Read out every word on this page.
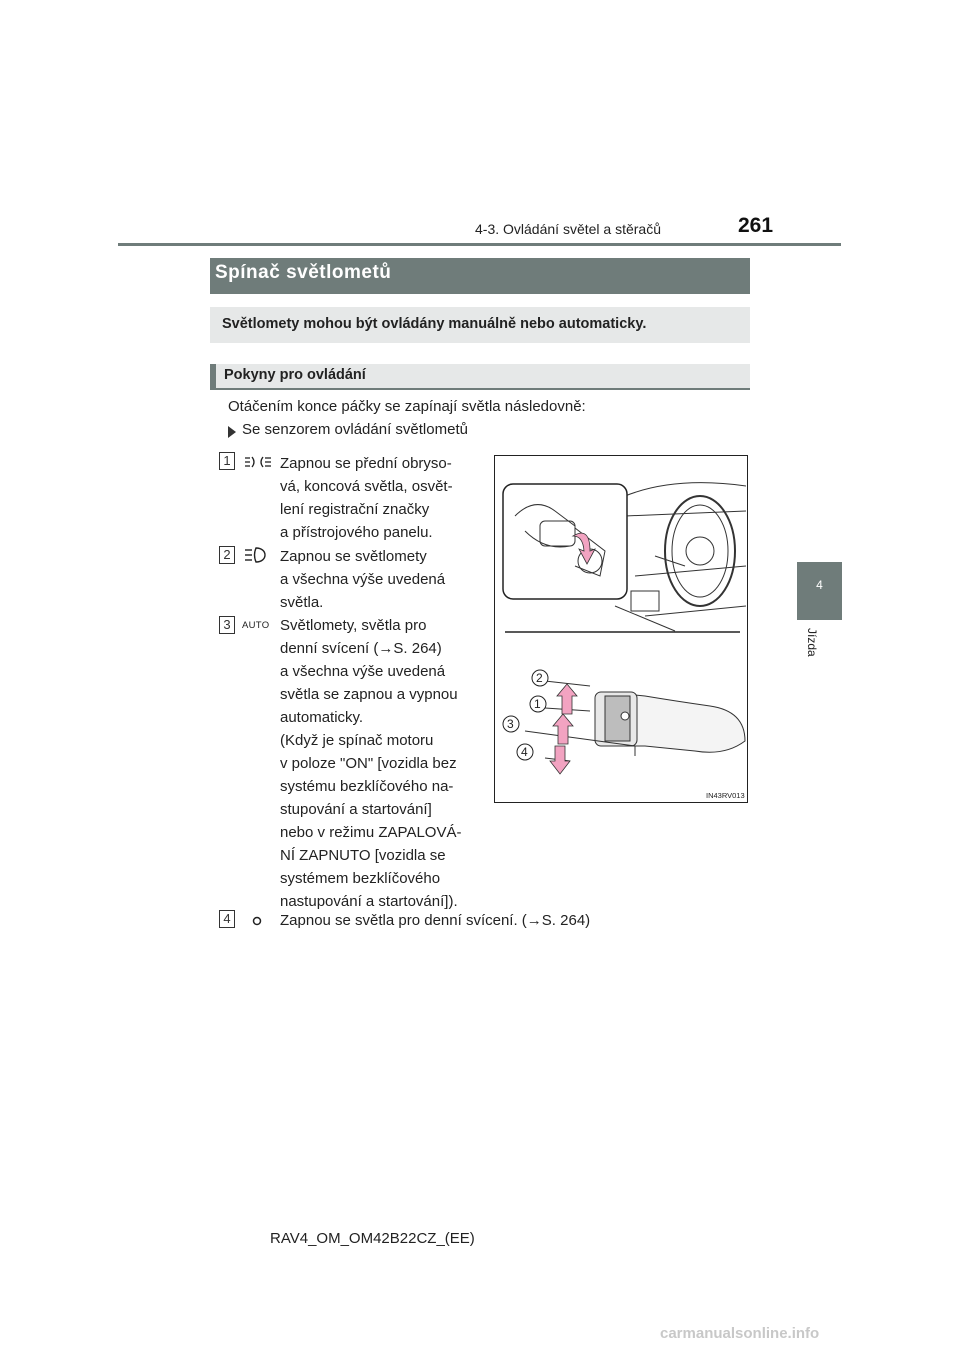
4-3. Ovládání světel a stěračů	261
4
Jízda
Spínač světlometů
Světlomety mohou být ovládány manuálně nebo automaticky.
Pokyny pro ovládání
Otáčením konce páčky se zapínají světla následovně:
Se senzorem ovládání světlometů
1	Zapnou se přední obryso-
vá, koncová světla, osvět-
lení registrační značky
a přístrojového panelu.
2	Zapnou se světlomety
a všechna výše uvedená
světla.
3	AUTO Světlomety, světla pro
denní svícení (→S. 264)
a všechna výše uvedená
světla se zapnou a vypnou
automaticky.
(Když je spínač motoru
v poloze "ON" [vozidla bez
systému bezklíčového na-
stupování a startování]
nebo v režimu ZAPALOVÁ-
NÍ ZAPNUTO [vozidla se
systémem bezklíčového
nastupování a startování]).
4	Zapnou se světla pro denní svícení. (→S. 264)
2
1
3
4
IN43RV013
RAV4_OM_OM42B22CZ_(EE)
carmanualsonline.info
